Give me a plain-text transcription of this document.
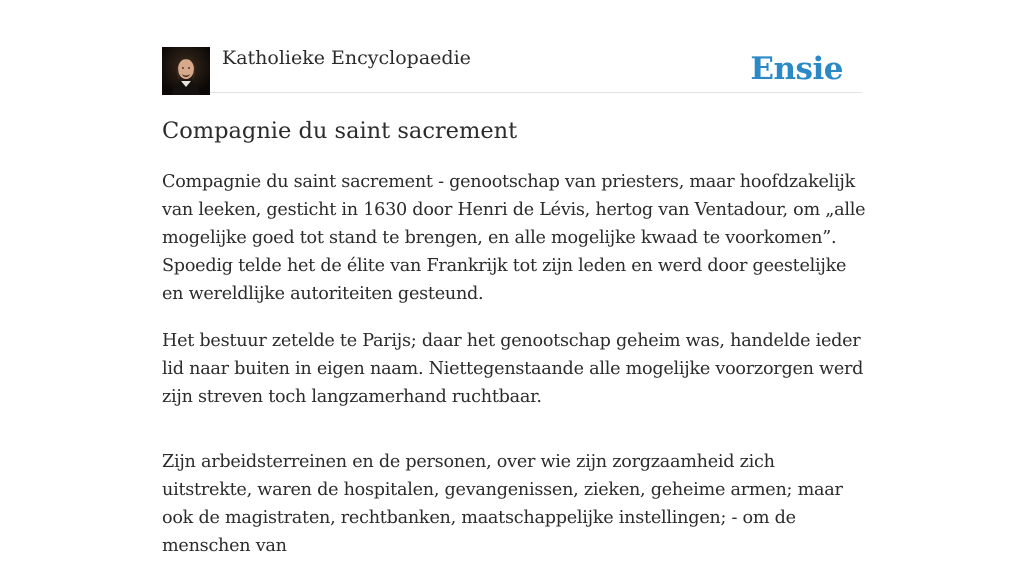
Katholieke Encyclopaedie	Ensie
Compagnie du saint sacrement

Compagnie du saint sacrement - genootschap van priesters, maar hoofdzakelijk van leeken, gesticht in 1630 door Henri de Lévis, hertog van Ventadour, om „alle mogelijke goed tot stand te brengen, en alle mogelijke kwaad te voorkomen”. Spoedig telde het de élite van Frankrijk tot zijn leden en werd door geestelijke en wereldlijke autoriteiten gesteund.

Het bestuur zetelde te Parijs; daar het genootschap geheim was, handelde ieder lid naar buiten in eigen naam. Niettegenstaande alle mogelijke voorzorgen werd zijn streven toch langzamerhand ruchtbaar.

Zijn arbeidsterreinen en de personen, over wie zijn zorgzaamheid zich uitstrekte, waren de hospitalen, gevangenissen, zieken, geheime armen; maar ook de magistraten, rechtbanken, maatschappelijke instellingen; - om de menschen van
